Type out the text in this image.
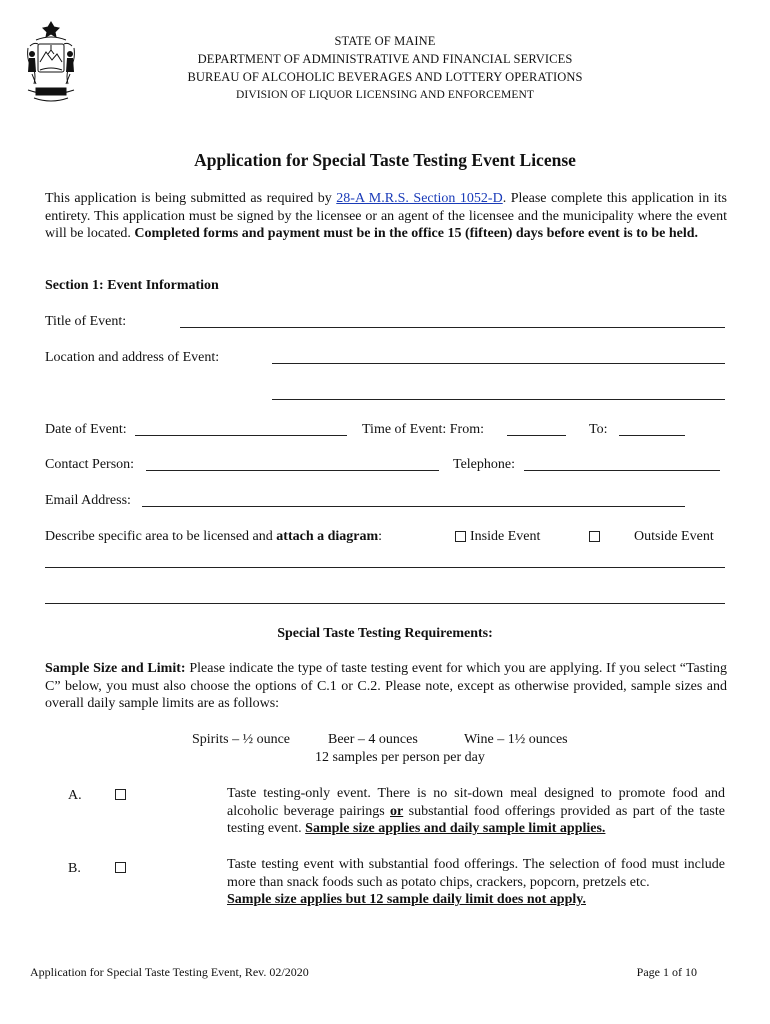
STATE OF MAINE
DEPARTMENT OF ADMINISTRATIVE AND FINANCIAL SERVICES
BUREAU OF ALCOHOLIC BEVERAGES AND LOTTERY OPERATIONS
DIVISION OF LIQUOR LICENSING AND ENFORCEMENT
Application for Special Taste Testing Event License
This application is being submitted as required by 28-A M.R.S. Section 1052-D. Please complete this application in its entirety. This application must be signed by the licensee or an agent of the licensee and the municipality where the event will be located. Completed forms and payment must be in the office 15 (fifteen) days before event is to be held.
Section 1: Event Information
Title of Event:
Location and address of Event:
Date of Event:	Time of Event: From:	To:
Contact Person:	Telephone:
Email Address:
Describe specific area to be licensed and attach a diagram:	Inside Event	Outside Event
Special Taste Testing Requirements:
Sample Size and Limit: Please indicate the type of taste testing event for which you are applying. If you select “Tasting C” below, you must also choose the options of C.1 or C.2. Please note, except as otherwise provided, sample sizes and overall daily sample limits are as follows:
Spirits – ½ ounce	Beer – 4 ounces	Wine – 1½ ounces
12 samples per person per day
A.	Taste testing-only event. There is no sit-down meal designed to promote food and alcoholic beverage pairings or substantial food offerings provided as part of the taste testing event. Sample size applies and daily sample limit applies.
B.	Taste testing event with substantial food offerings. The selection of food must include more than snack foods such as potato chips, crackers, popcorn, pretzels etc.
Sample size applies but 12 sample daily limit does not apply.
Application for Special Taste Testing Event, Rev. 02/2020	Page 1 of 10
